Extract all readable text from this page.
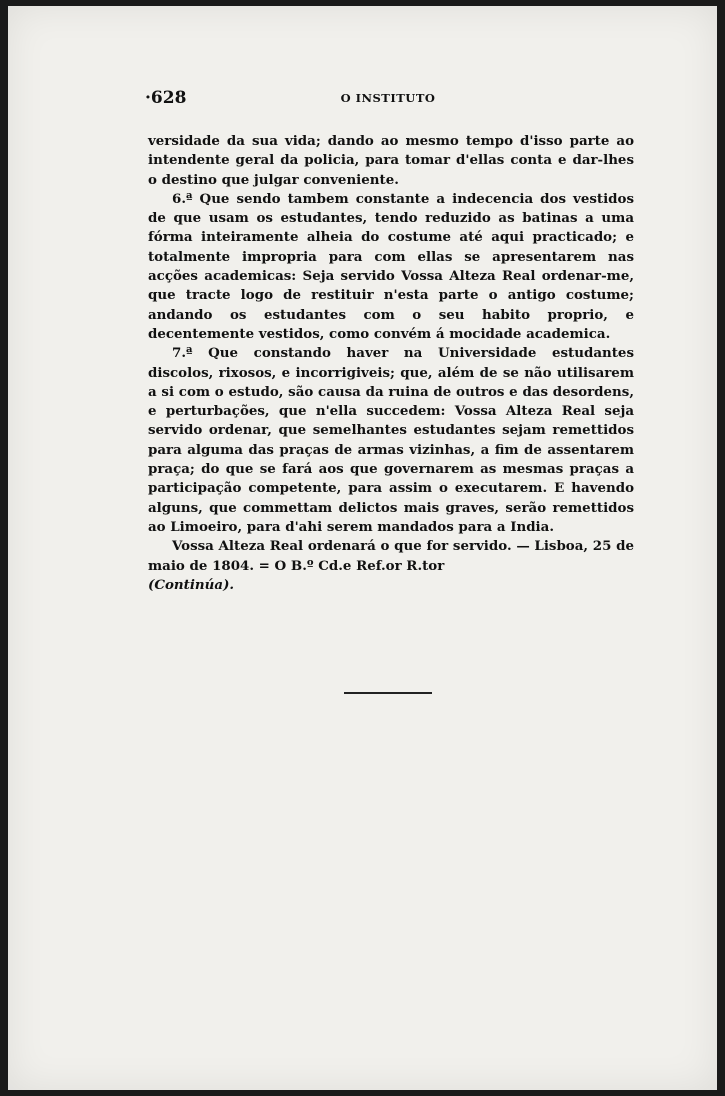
·628	O INSTITUTO

versidade da sua vida; dando ao mesmo tempo d'isso parte ao intendente geral da policia, para tomar d'ellas conta e dar-lhes o destino que julgar conveniente.

6.ª Que sendo tambem constante a indecencia dos vestidos de que usam os estudantes, tendo reduzido as batinas a uma fórma inteiramente alheia do costume até aqui practicado; e totalmente impropria para com ellas se apresentarem nas acções academicas: Seja servido Vossa Alteza Real ordenar-me, que tracte logo de restituir n'esta parte o antigo costume; andando os estudantes com o seu habito proprio, e decentemente vestidos, como convém á mocidade academica.

7.ª Que constando haver na Universidade estudantes discolos, rixosos, e incorrigiveis; que, além de se não utilisarem a si com o estudo, são causa da ruina de outros e das desordens, e perturbações, que n'ella succedem: Vossa Alteza Real seja servido ordenar, que semelhantes estudantes sejam remettidos para alguma das praças de armas vizinhas, a fim de assentarem praça; do que se fará aos que governarem as mesmas praças a participação competente, para assim o executarem. E havendo alguns, que commettam delictos mais graves, serão remettidos ao Limoeiro, para d'ahi serem mandados para a India.

Vossa Alteza Real ordenará o que for servido. — Lisboa, 25 de maio de 1804. = O B.º Cd.e Ref.or R.tor

(Continúa).
